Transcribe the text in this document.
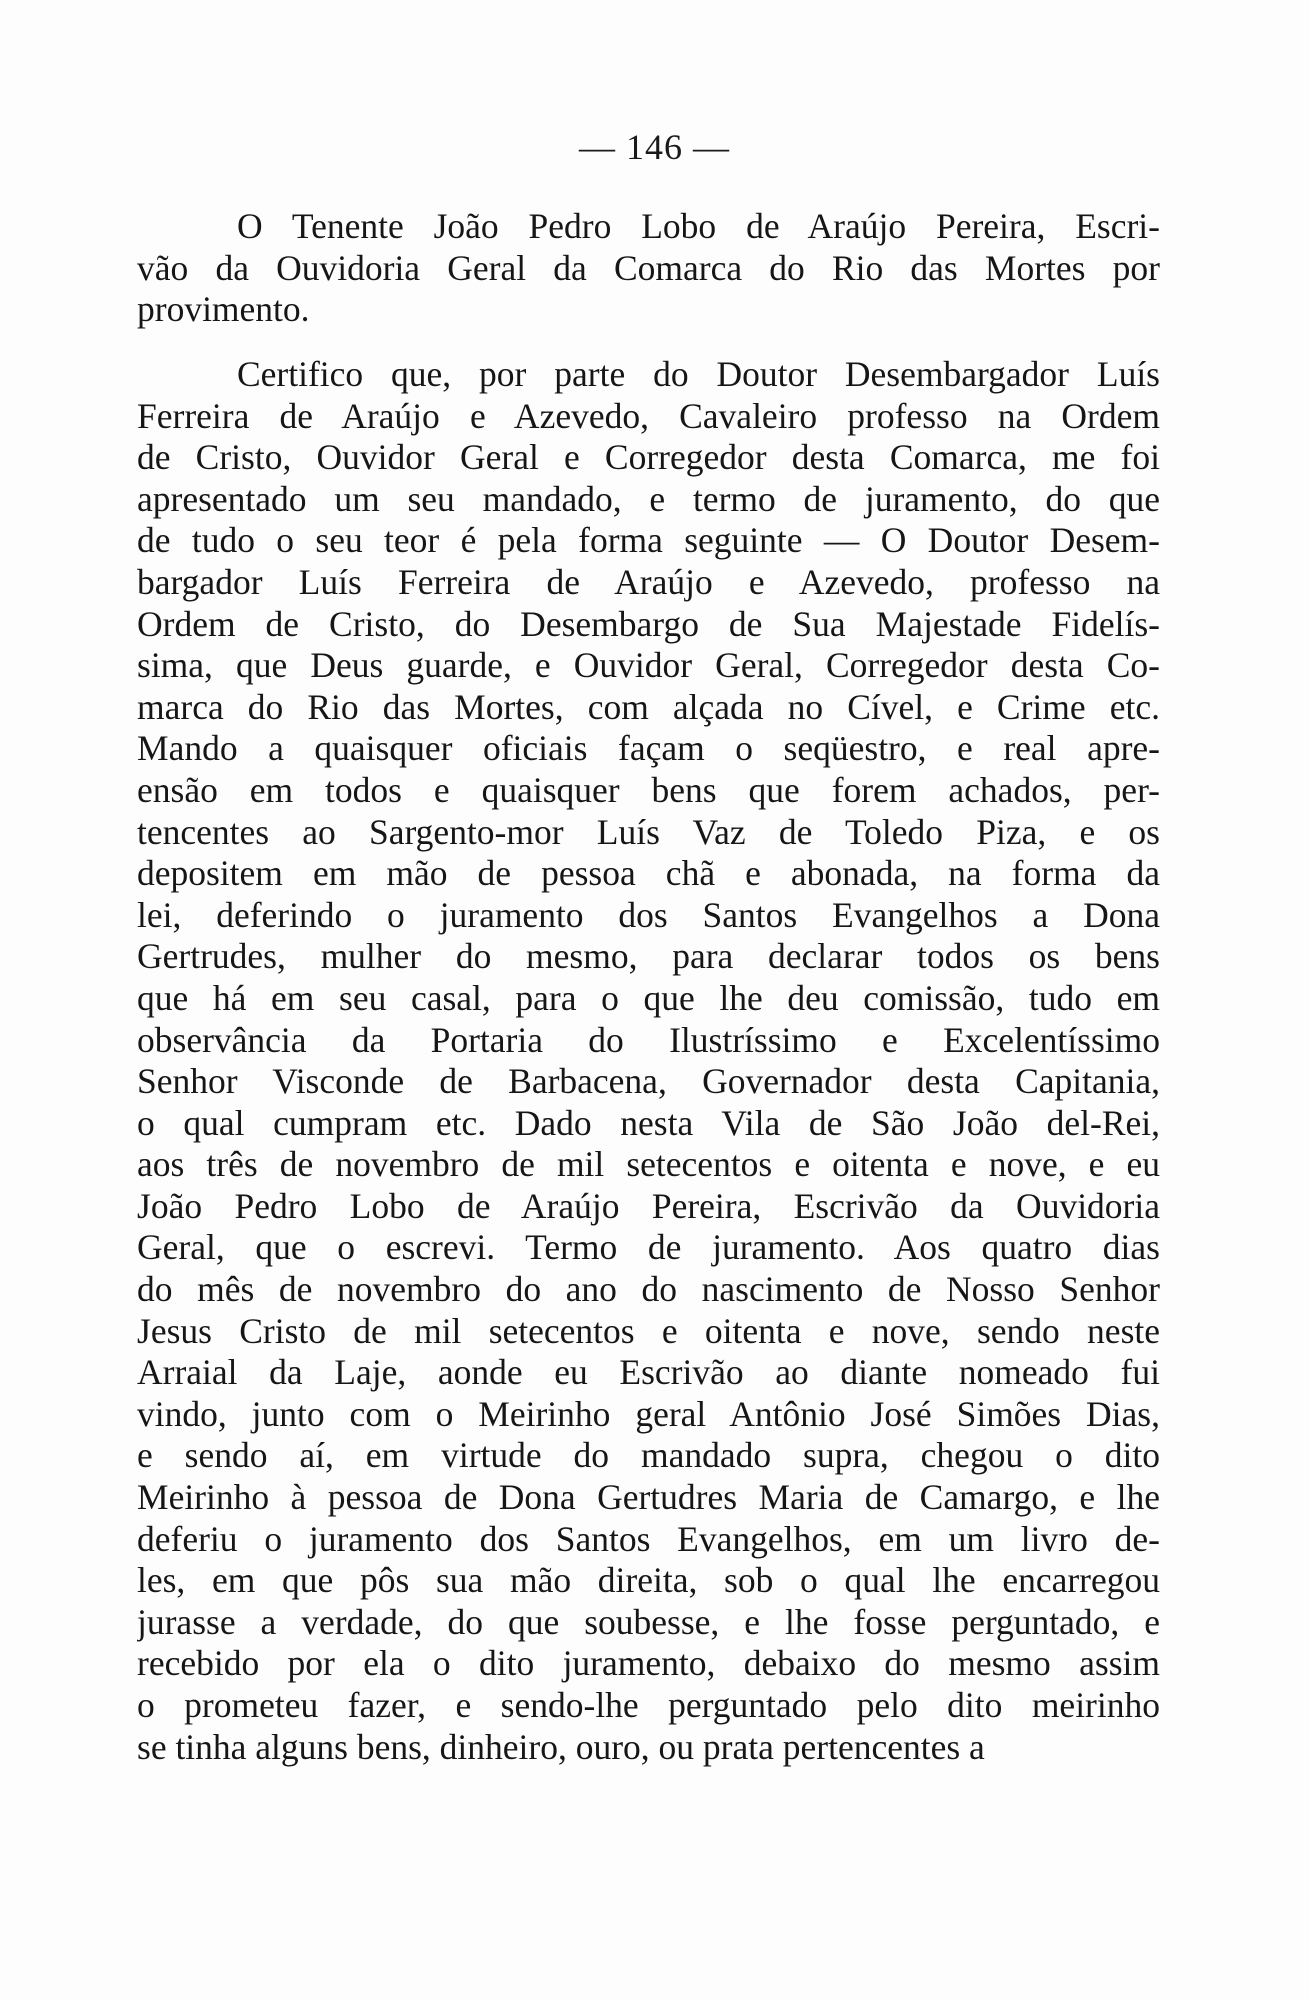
— 146 —
O Tenente João Pedro Lobo de Araújo Pereira, Escri-
vão da Ouvidoria Geral da Comarca do Rio das Mortes por
provimento.
Certifico que, por parte do Doutor Desembargador Luís
Ferreira de Araújo e Azevedo, Cavaleiro professo na Ordem
de Cristo, Ouvidor Geral e Corregedor desta Comarca, me foi
apresentado um seu mandado, e termo de juramento, do que
de tudo o seu teor é pela forma seguinte — O Doutor Desem-
bargador Luís Ferreira de Araújo e Azevedo, professo na
Ordem de Cristo, do Desembargo de Sua Majestade Fidelís-
sima, que Deus guarde, e Ouvidor Geral, Corregedor desta Co-
marca do Rio das Mortes, com alçada no Cível, e Crime etc.
Mando a quaisquer oficiais façam o seqüestro, e real apre-
ensão em todos e quaisquer bens que forem achados, per-
tencentes ao Sargento-mor Luís Vaz de Toledo Piza, e os
depositem em mão de pessoa chã e abonada, na forma da
lei, deferindo o juramento dos Santos Evangelhos a Dona
Gertrudes, mulher do mesmo, para declarar todos os bens
que há em seu casal, para o que lhe deu comissão, tudo em
observância da Portaria do Ilustríssimo e Excelentíssimo
Senhor Visconde de Barbacena, Governador desta Capitania,
o qual cumpram etc. Dado nesta Vila de São João del-Rei,
aos três de novembro de mil setecentos e oitenta e nove, e eu
João Pedro Lobo de Araújo Pereira, Escrivão da Ouvidoria
Geral, que o escrevi. Termo de juramento. Aos quatro dias
do mês de novembro do ano do nascimento de Nosso Senhor
Jesus Cristo de mil setecentos e oitenta e nove, sendo neste
Arraial da Laje, aonde eu Escrivão ao diante nomeado fui
vindo, junto com o Meirinho geral Antônio José Simões Dias,
e sendo aí, em virtude do mandado supra, chegou o dito
Meirinho à pessoa de Dona Gertudres Maria de Camargo, e lhe
deferiu o juramento dos Santos Evangelhos, em um livro de-
les, em que pôs sua mão direita, sob o qual lhe encarregou
jurasse a verdade, do que soubesse, e lhe fosse perguntado, e
recebido por ela o dito juramento, debaixo do mesmo assim
o prometeu fazer, e sendo-lhe perguntado pelo dito meirinho
se tinha alguns bens, dinheiro, ouro, ou prata pertencentes a
